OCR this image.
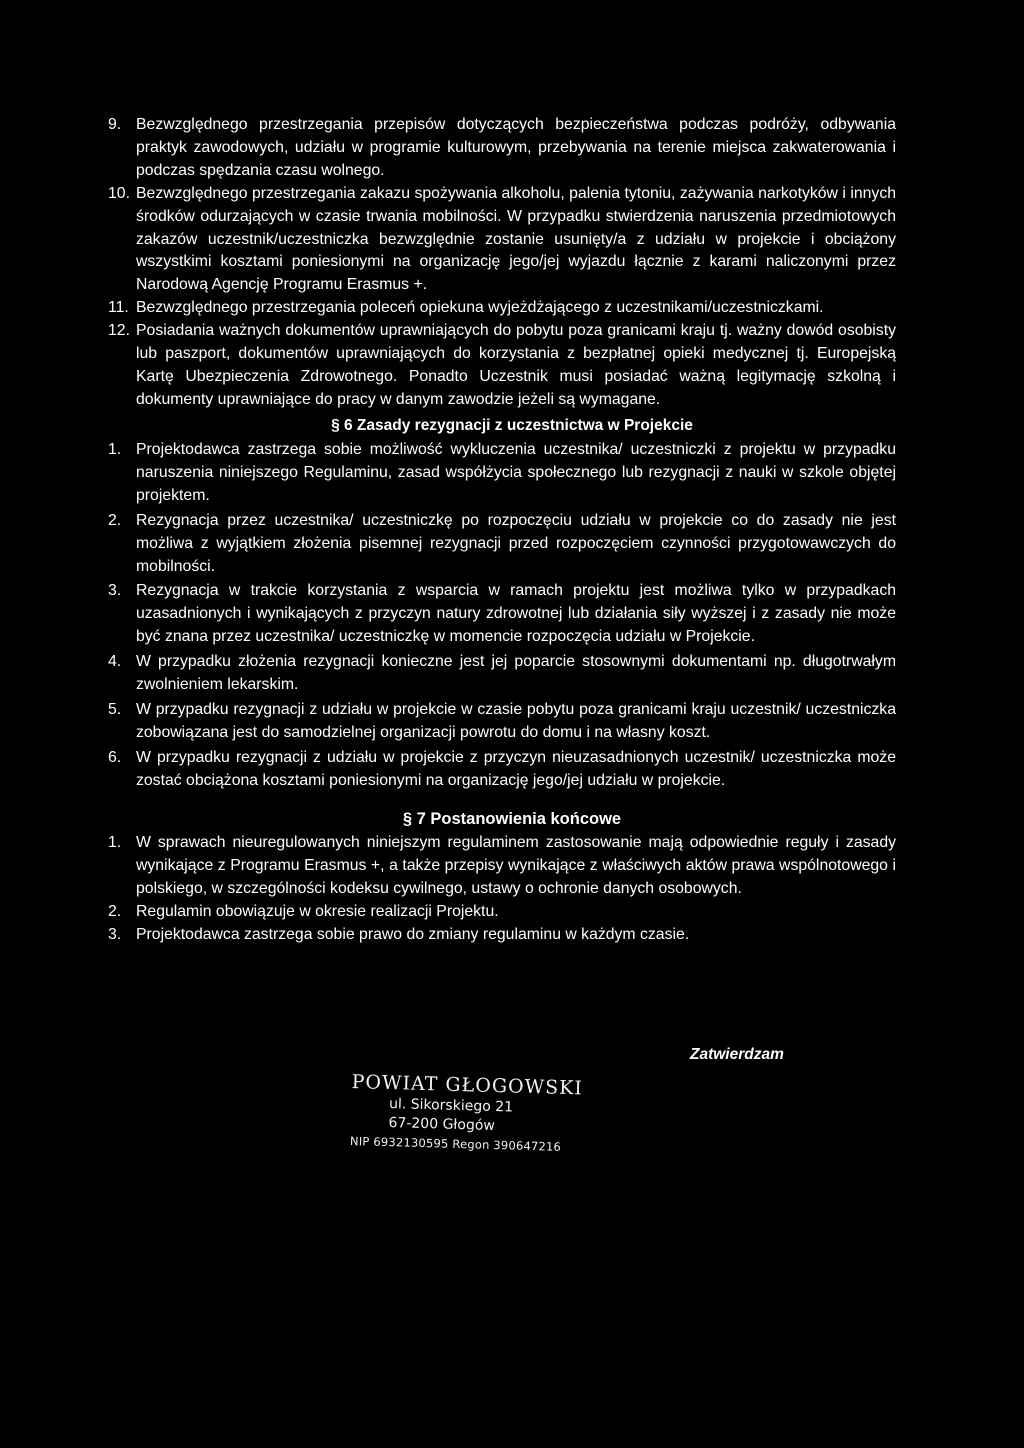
9. Bezwzględnego przestrzegania przepisów dotyczących bezpieczeństwa podczas podróży, odbywania praktyk zawodowych, udziału w programie kulturowym, przebywania na terenie miejsca zakwaterowania i podczas spędzania czasu wolnego.
10. Bezwzględnego przestrzegania zakazu spożywania alkoholu, palenia tytoniu, zażywania narkotyków i innych środków odurzających w czasie trwania mobilności. W przypadku stwierdzenia naruszenia przedmiotowych zakazów uczestnik/uczestniczka bezwzględnie zostanie usunięty/a z udziału w projekcie i obciążony wszystkimi kosztami poniesionymi na organizację jego/jej wyjazdu łącznie z karami naliczonymi przez Narodową Agencję Programu Erasmus +.
11. Bezwzględnego przestrzegania poleceń opiekuna wyjeżdżającego z uczestnikami/uczestniczkami.
12. Posiadania ważnych dokumentów uprawniających do pobytu poza granicami kraju tj. ważny dowód osobisty lub paszport, dokumentów uprawniających do korzystania z bezpłatnej opieki medycznej tj. Europejską Kartę Ubezpieczenia Zdrowotnego. Ponadto Uczestnik musi posiadać ważną legitymację szkolną i dokumenty uprawniające do pracy w danym zawodzie jeżeli są wymagane.
§ 6 Zasady rezygnacji z uczestnictwa w Projekcie
1. Projektodawca zastrzega sobie możliwość wykluczenia uczestnika/ uczestniczki z projektu w przypadku naruszenia niniejszego Regulaminu, zasad współżycia społecznego lub rezygnacji z nauki w szkole objętej projektem.
2. Rezygnacja przez uczestnika/ uczestniczkę po rozpoczęciu udziału w projekcie co do zasady nie jest możliwa z wyjątkiem złożenia pisemnej rezygnacji przed rozpoczęciem czynności przygotowawczych do mobilności.
3. Rezygnacja w trakcie korzystania z wsparcia w ramach projektu jest możliwa tylko w przypadkach uzasadnionych i wynikających z przyczyn natury zdrowotnej lub działania siły wyższej i z zasady nie może być znana przez uczestnika/ uczestniczkę w momencie rozpoczęcia udziału w Projekcie.
4. W przypadku złożenia rezygnacji konieczne jest jej poparcie stosownymi dokumentami np. długotrwałym zwolnieniem lekarskim.
5. W przypadku rezygnacji z udziału w projekcie w czasie pobytu poza granicami kraju uczestnik/ uczestniczka zobowiązana jest do samodzielnej organizacji powrotu do domu i na własny koszt.
6. W przypadku rezygnacji z udziału w projekcie z przyczyn nieuzasadnionych uczestnik/ uczestniczka może zostać obciążona kosztami poniesionymi na organizację jego/jej udziału w projekcie.
§ 7 Postanowienia końcowe
1. W sprawach nieuregulowanych niniejszym regulaminem zastosowanie mają odpowiednie reguły i zasady wynikające z Programu Erasmus +, a także przepisy wynikające z właściwych aktów prawa wspólnotowego i polskiego, w szczególności kodeksu cywilnego, ustawy o ochronie danych osobowych.
2. Regulamin obowiązuje w okresie realizacji Projektu.
3. Projektodawca zastrzega sobie prawo do zmiany regulaminu w każdym czasie.
Zatwierdzam
POWIAT GŁOGOWSKI
ul. Sikorskiego 21
67-200 Głogów
NIP 6932130595 Regon 390647216
